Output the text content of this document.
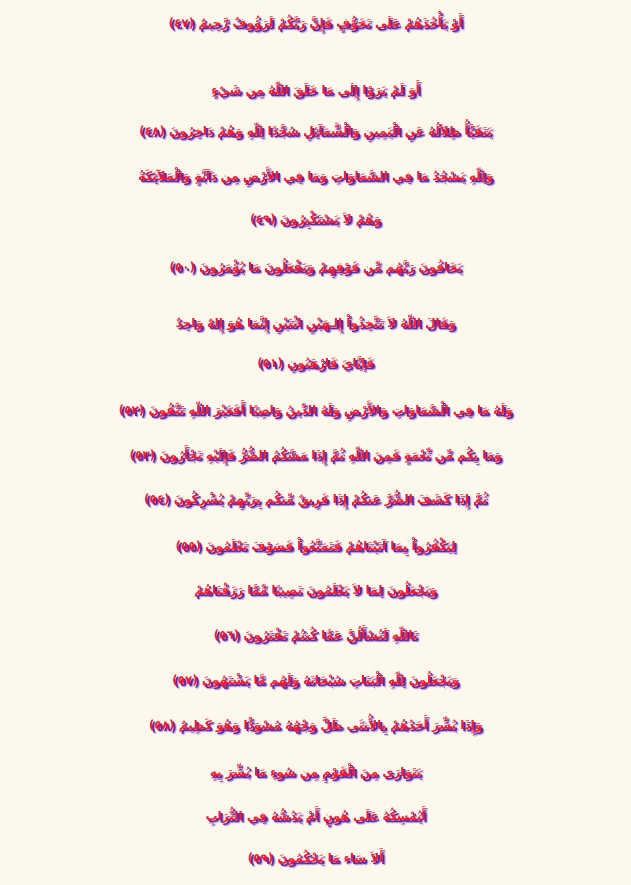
أَوْ يَأْخُذَهُمْ عَلَى تَخَوُّفٍ فَإِنَّ رَبَّكُمْ لَرَؤُوفٌ رَّحِيمٌ (٤٧)
أَوَ لَمْ يَرَوْا إِلَى مَا خَلَقَ اللّهُ مِن شَيْءٍ
يَتَفَيَّأُ ظِلاَلُهُ عَنِ الْيَمِينِ وَالْشَّمَآئِلِ سُجَّدًا لِلّهِ وَهُمْ دَاخِرُونَ (٤٨)
وَلِلّهِ يَسْجُدُ مَا فِي السَّمَاوَاتِ وَمَا فِي الأَرْضِ مِن دَآبَّةٍ وَالْمَلآئِكَةُ
وَهُمْ لاَ يَسْتَكْبِرُونَ (٤٩)
يَخَافُونَ رَبَّهُم مِّن فَوْقِهِمْ وَيَفْعَلُونَ مَا يُؤْمَرُونَ (٥٠)
وَقَالَ اللّهُ لاَ تَتَّخِذُواْ إِلـهَيْنِ اثْنَيْنِ إِنَّمَا هُوَ إِلهٌ وَاحِدٌ
فَإيَّايَ فَارْهَبُونِ (٥١)
وَلَهُ مَا فِي الْسَّمَاوَاتِ وَالأَرْضِ وَلَهُ الدِّينُ وَاصِبًا أَفَغَيْرَ اللّهِ تَتَّقُونَ (٥٢)
وَمَا بِكُم مِّن نِّعْمَةٍ فَمِنَ اللّهِ ثُمَّ إِذَا مَسَّكُمُ الضُّرُّ فَإِلَيْهِ تَجْأَرُونَ (٥٣)
ثُمَّ إِذَا كَشَفَ الضُّرَّ عَنكُمْ إِذَا فَرِيقٌ مِّنكُم بِرَبِّهِمْ يُشْرِكُونَ (٥٤)
لِيَكْفُرُواْ بِمَا آتَيْنَاهُمْ فَتَمَتَّعُواْ فَسَوْفَ تَعْلَمُونَ (٥٥)
وَيَجْعَلُونَ لِمَا لاَ يَعْلَمُونَ نَصِيبًا مِّمَّا رَزَقْنَاهُمْ
تَاللّهِ لَتُسْأَلُنَّ عَمَّا كُنتُمْ تَفْتَرُونَ (٥٦)
وَيَجْعَلُونَ لِلّهِ الْبَنَاتِ سُبْحَانَهُ وَلَهُم مَّا يَشْتَهُونَ (٥٧)
وَإِذَا بُشِّرَ أَحَدُهُمْ بِالأُنثَى ظَلَّ وَجْهُهُ مُسْوَدًّا وَهُوَ كَظِيمٌ (٥٨)
يَتَوَارَى مِنَ الْقَوْمِ مِن سُوءِ مَا بُشِّرَ بِهِ
أَيُمْسِكُهُ عَلَى هُونٍ أَمْ يَدُسُّهُ فِي التُّرَابِ
أَلاَ سَاء مَا يَحْكُمُونَ (٥٩)
